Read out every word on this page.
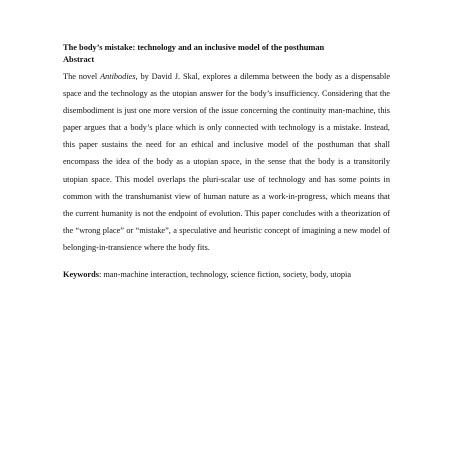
The body’s mistake: technology and an inclusive model of the posthuman

Abstract

The novel Antibodies, by David J. Skal, explores a dilemma between the body as a dispensable space and the technology as the utopian answer for the body’s insufficiency. Considering that the disembodiment is just one more version of the issue concerning the continuity man-machine, this paper argues that a body’s place which is only connected with technology is a mistake. Instead, this paper sustains the need for an ethical and inclusive model of the posthuman that shall encompass the idea of the body as a utopian space, in the sense that the body is a transitorily utopian space. This model overlaps the pluri-scalar use of technology and has some points in common with the transhumanist view of human nature as a work-in-progress, which means that the current humanity is not the endpoint of evolution. This paper concludes with a theorization of the “wrong place” or “mistake”, a speculative and heuristic concept of imagining a new model of belonging-in-transience where the body fits.

Keywords: man-machine interaction, technology, science fiction, society, body, utopia
